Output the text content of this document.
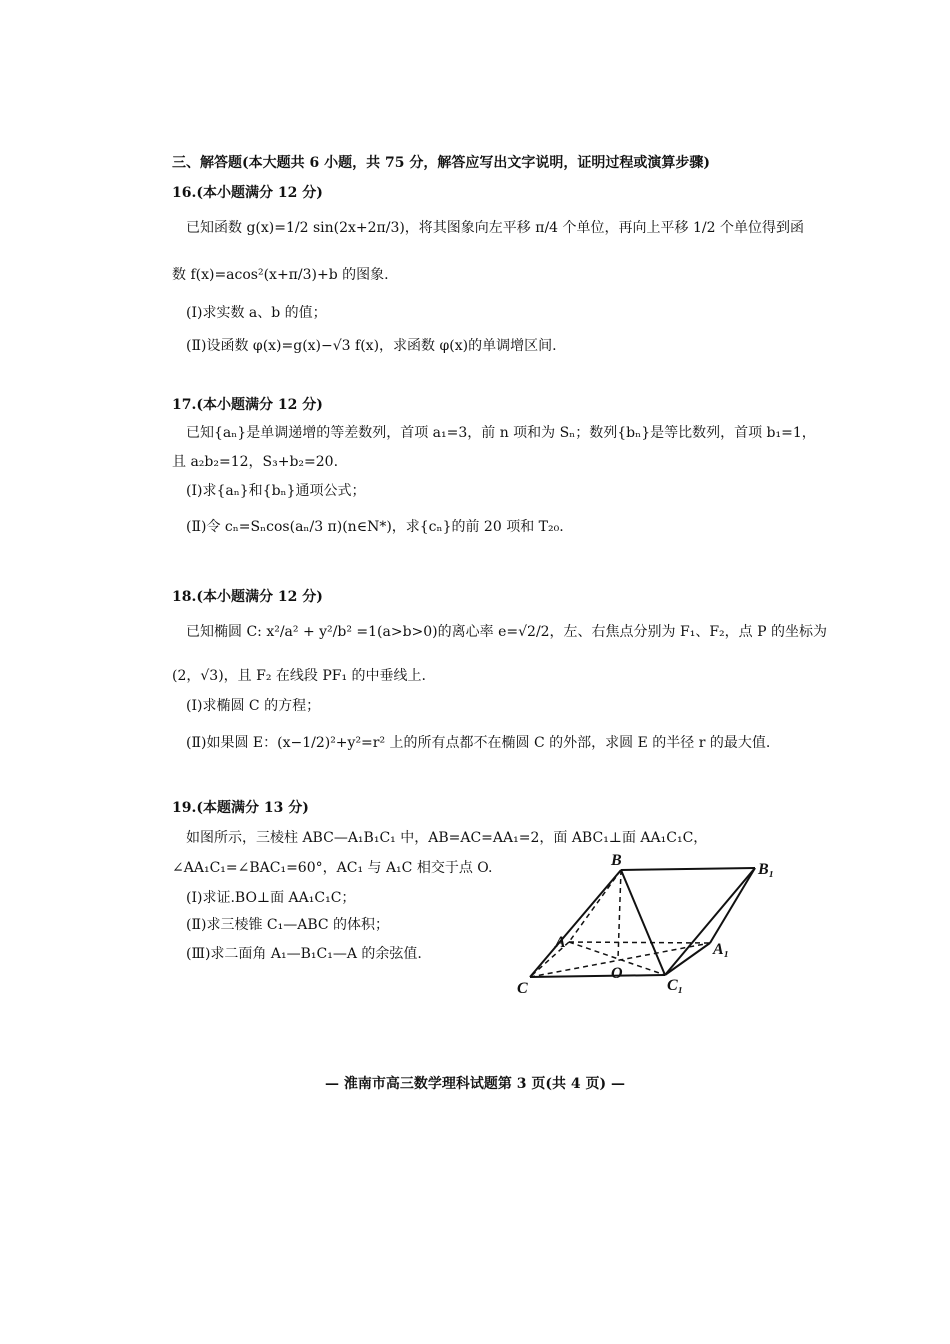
三、解答题(本大题共 6 小题，共 75 分，解答应写出文字说明，证明过程或演算步骤)
16.(本小题满分 12 分)
已知函数 g(x)=1/2 sin(2x+2π/3)，将其图象向左平移 π/4 个单位，再向上平移 1/2 个单位得到函
数 f(x)=acos²(x+π/3)+b 的图象.
(Ⅰ)求实数 a、b 的值；
(Ⅱ)设函数 φ(x)=g(x)−√3 f(x)，求函数 φ(x)的单调增区间.
17.(本小题满分 12 分)
已知{aₙ}是单调递增的等差数列，首项 a₁=3，前 n 项和为 Sₙ；数列{bₙ}是等比数列，首项 b₁=1，
且 a₂b₂=12，S₃+b₂=20.
(Ⅰ)求{aₙ}和{bₙ}通项公式；
(Ⅱ)令 cₙ=Sₙcos(aₙ/3 π)(n∈N*)，求{cₙ}的前 20 项和 T₂₀.
18.(本小题满分 12 分)
已知椭圆 C: x²/a² + y²/b² =1(a>b>0)的离心率 e=√2/2，左、右焦点分别为 F₁、F₂，点 P 的坐标为
(2，√3)，且 F₂ 在线段 PF₁ 的中垂线上.
(Ⅰ)求椭圆 C 的方程；
(Ⅱ)如果圆 E：(x−1/2)²+y²=r² 上的所有点都不在椭圆 C 的外部，求圆 E 的半径 r 的最大值.
19.(本题满分 13 分)
如图所示，三棱柱 ABC—A₁B₁C₁ 中，AB=AC=AA₁=2，面 ABC₁⊥面 AA₁C₁C，
∠AA₁C₁=∠BAC₁=60°，AC₁ 与 A₁C 相交于点 O.
(Ⅰ)求证.BO⊥面 AA₁C₁C；
(Ⅱ)求三棱锥 C₁—ABC 的体积；
(Ⅲ)求二面角 A₁—B₁C₁—A 的余弦值.
B
B₁
A	A₁
C	C₁
O
— 淮南市高三数学理科试题第 3 页(共 4 页) —
